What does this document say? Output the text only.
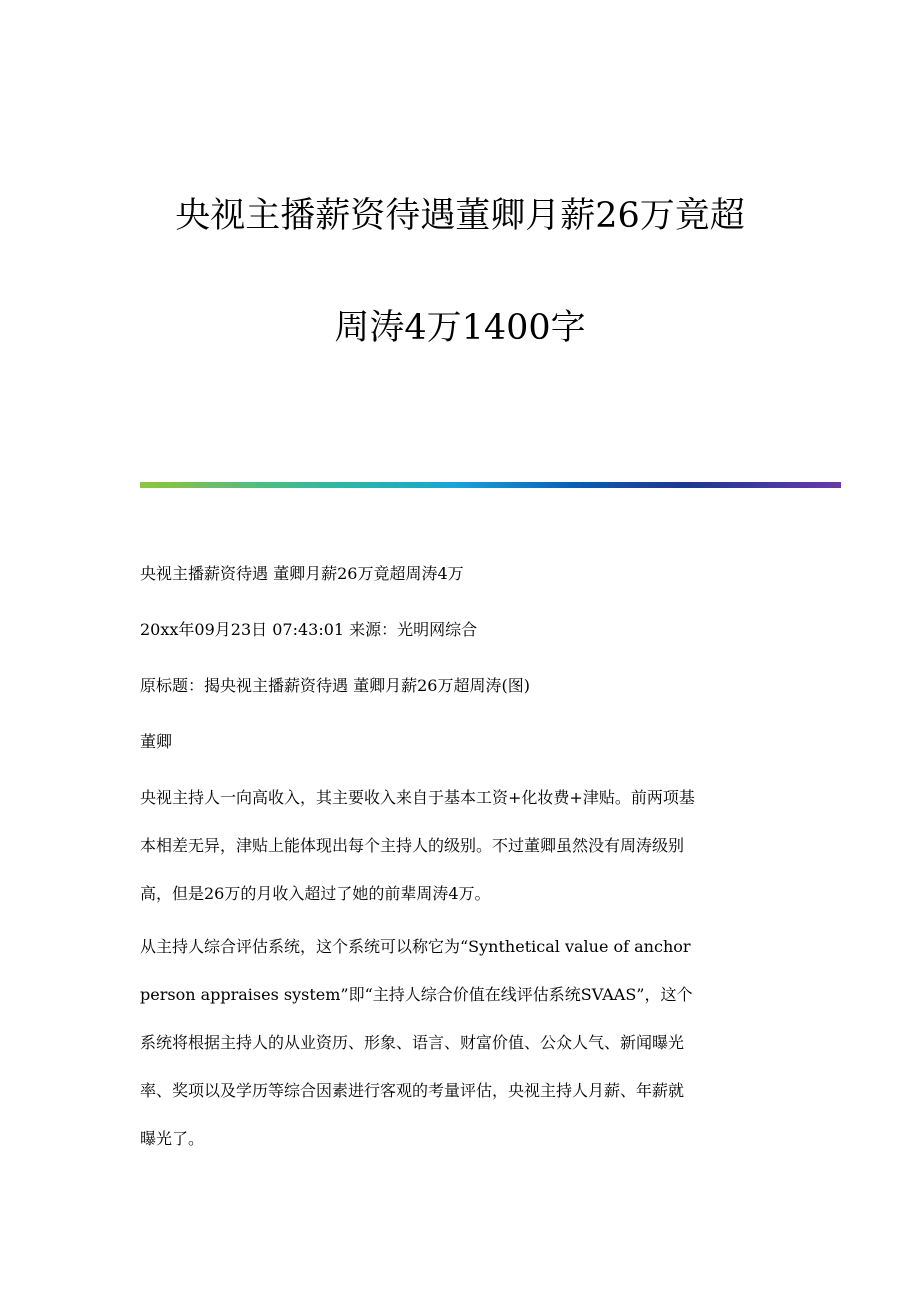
央视主播薪资待遇董卿月薪26万竟超
周涛4万1400字

央视主播薪资待遇 董卿月薪26万竟超周涛4万

20xx年09月23日 07:43:01 来源：光明网综合

原标题：揭央视主播薪资待遇 董卿月薪26万超周涛(图)

董卿

央视主持人一向高收入，其主要收入来自于基本工资+化妆费+津贴。前两项基
本相差无异，津贴上能体现出每个主持人的级别。不过董卿虽然没有周涛级别
高，但是26万的月收入超过了她的前辈周涛4万。

从主持人综合评估系统，这个系统可以称它为“Synthetical value of anchor
person appraises system”即“主持人综合价值在线评估系统SVAAS”，这个
系统将根据主持人的从业资历、形象、语言、财富价值、公众人气、新闻曝光
率、奖项以及学历等综合因素进行客观的考量评估，央视主持人月薪、年薪就
曝光了。
